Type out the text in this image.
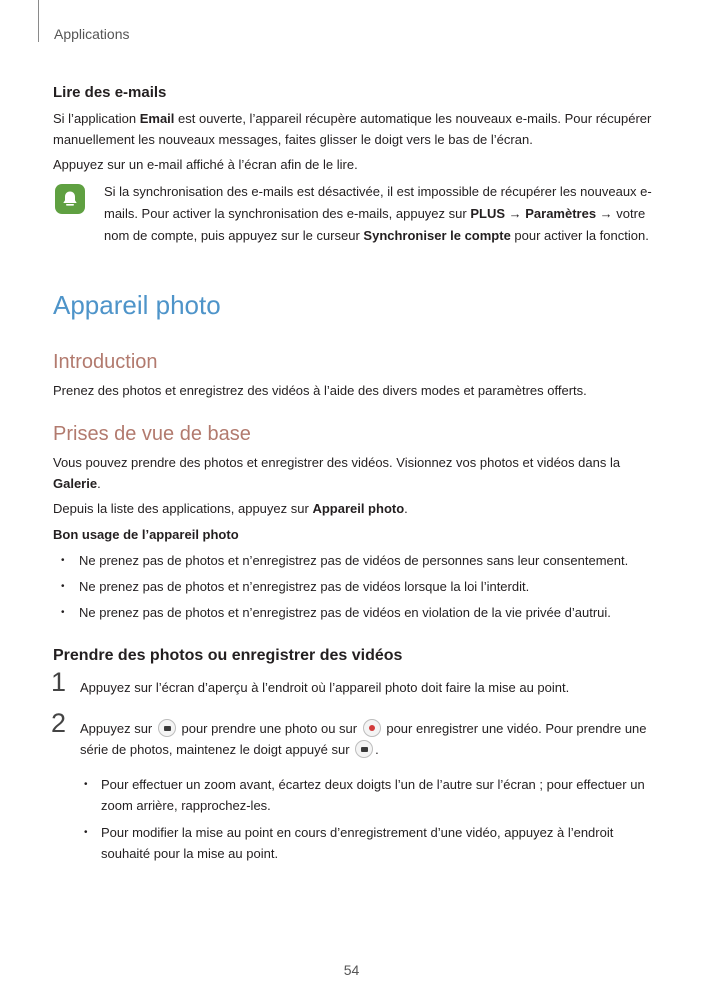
Applications
Lire des e-mails

Si l’application Email est ouverte, l’appareil récupère automatique les nouveaux e-mails. Pour récupérer manuellement les nouveaux messages, faites glisser le doigt vers le bas de l’écran.

Appuyez sur un e-mail affiché à l’écran afin de le lire.

Si la synchronisation des e-mails est désactivée, il est impossible de récupérer les nouveaux e-mails. Pour activer la synchronisation des e-mails, appuyez sur PLUS → Paramètres → votre nom de compte, puis appuyez sur le curseur Synchroniser le compte pour activer la fonction.

Appareil photo
Introduction

Prenez des photos et enregistrez des vidéos à l’aide des divers modes et paramètres offerts.

Prises de vue de base

Vous pouvez prendre des photos et enregistrer des vidéos. Visionnez vos photos et vidéos dans la Galerie.

Depuis la liste des applications, appuyez sur Appareil photo.

Bon usage de l’appareil photo
• Ne prenez pas de photos et n’enregistrez pas de vidéos de personnes sans leur consentement.
• Ne prenez pas de photos et n’enregistrez pas de vidéos lorsque la loi l’interdit.
• Ne prenez pas de photos et n’enregistrez pas de vidéos en violation de la vie privée d’autrui.
Prendre des photos ou enregistrer des vidéos
1 Appuyez sur l’écran d’aperçu à l’endroit où l’appareil photo doit faire la mise au point.
2 Appuyez sur
pour prendre une photo ou sur
pour enregistrer une vidéo. Pour prendre une série de photos, maintenez le doigt appuyé sur
.
• Pour effectuer un zoom avant, écartez deux doigts l’un de l’autre sur l’écran ; pour effectuer un zoom arrière, rapprochez-les.
• Pour modifier la mise au point en cours d’enregistrement d’une vidéo, appuyez à l’endroit souhaité pour la mise au point.
54
